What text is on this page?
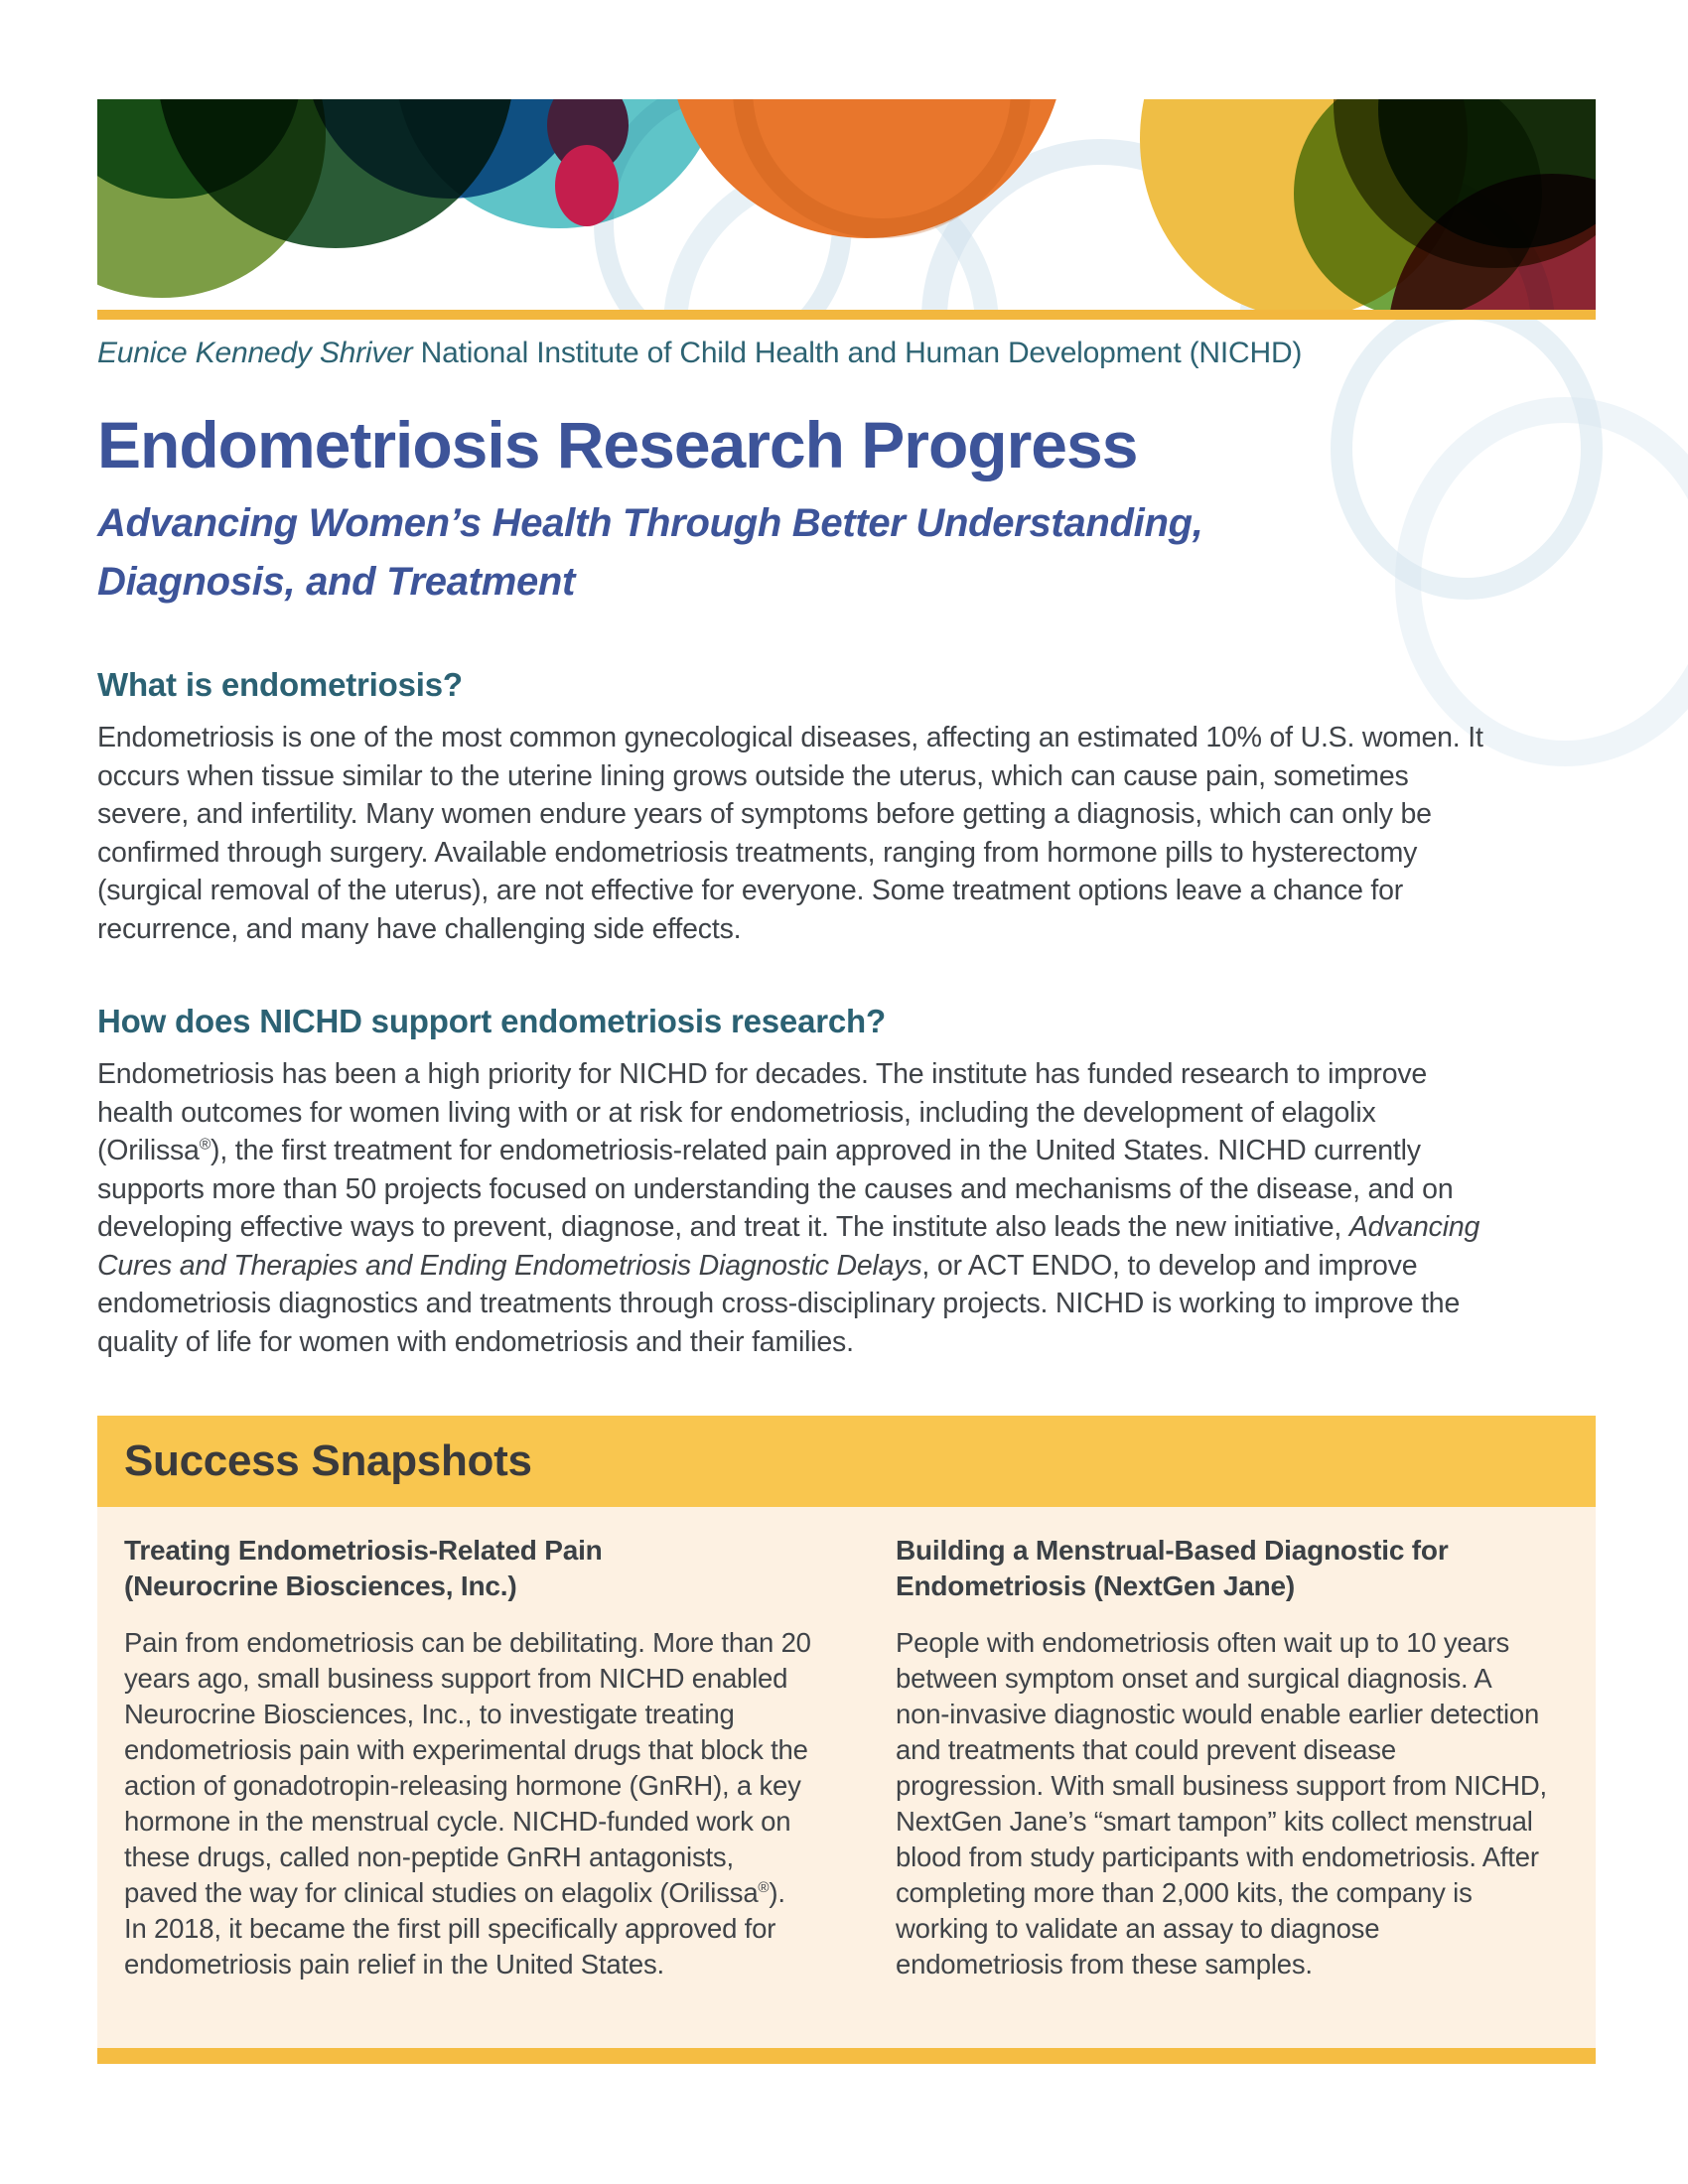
Eunice Kennedy Shriver National Institute of Child Health and Human Development (NICHD)
Endometriosis Research Progress
Advancing Women’s Health Through Better Understanding, Diagnosis, and Treatment
What is endometriosis?
Endometriosis is one of the most common gynecological diseases, affecting an estimated 10% of U.S. women. It occurs when tissue similar to the uterine lining grows outside the uterus, which can cause pain, sometimes severe, and infertility. Many women endure years of symptoms before getting a diagnosis, which can only be confirmed through surgery. Available endometriosis treatments, ranging from hormone pills to hysterectomy (surgical removal of the uterus), are not effective for everyone. Some treatment options leave a chance for recurrence, and many have challenging side effects.
How does NICHD support endometriosis research?
Endometriosis has been a high priority for NICHD for decades. The institute has funded research to improve health outcomes for women living with or at risk for endometriosis, including the development of elagolix (Orilissa®), the first treatment for endometriosis-related pain approved in the United States. NICHD currently supports more than 50 projects focused on understanding the causes and mechanisms of the disease, and on developing effective ways to prevent, diagnose, and treat it. The institute also leads the new initiative, Advancing Cures and Therapies and Ending Endometriosis Diagnostic Delays, or ACT ENDO, to develop and improve endometriosis diagnostics and treatments through cross-disciplinary projects. NICHD is working to improve the quality of life for women with endometriosis and their families.
Success Snapshots
Treating Endometriosis-Related Pain
(Neurocrine Biosciences, Inc.)
Pain from endometriosis can be debilitating. More than 20 years ago, small business support from NICHD enabled Neurocrine Biosciences, Inc., to investigate treating endometriosis pain with experimental drugs that block the action of gonadotropin-releasing hormone (GnRH), a key hormone in the menstrual cycle. NICHD-funded work on these drugs, called non-peptide GnRH antagonists, paved the way for clinical studies on elagolix (Orilissa®). In 2018, it became the first pill specifically approved for endometriosis pain relief in the United States.
Building a Menstrual-Based Diagnostic for
Endometriosis (NextGen Jane)
People with endometriosis often wait up to 10 years between symptom onset and surgical diagnosis. A non-invasive diagnostic would enable earlier detection and treatments that could prevent disease progression. With small business support from NICHD, NextGen Jane’s “smart tampon” kits collect menstrual blood from study participants with endometriosis. After completing more than 2,000 kits, the company is working to validate an assay to diagnose endometriosis from these samples.
